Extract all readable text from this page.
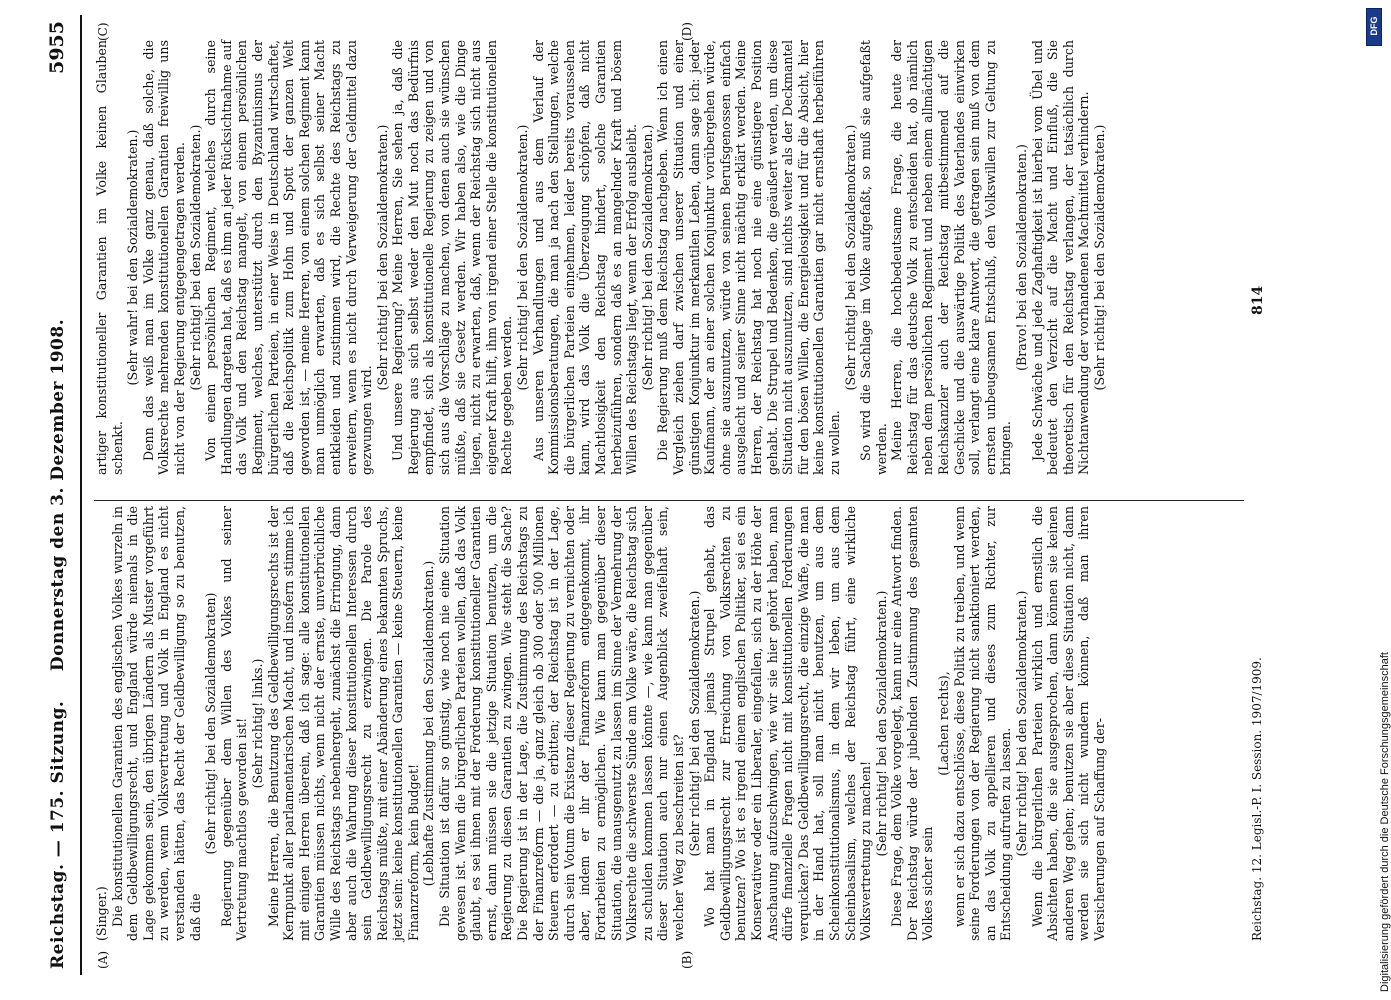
Reichstag. — 175. Sitzung.
Donnerstag den 3. Dezember 1908.
5955
(A)	(B)
(C)	(D)

(Singer.) Die konstitutionellen Garantien des englischen Volkes wurzeln in dem Geldbewilligungsrecht, und England würde niemals in die Lage gekommen sein, den übrigen Ländern als Muster vorgeführt zu werden, wenn Volksvertretung und Volk in England es nicht verstanden hätten, das Recht der Geldbewilligung so zu benutzen, daß die

(Sehr richtig! bei den Sozialdemokraten) Regierung gegenüber dem Willen des Volkes und seiner Vertretung machtlos geworden ist! (Sehr richtig! links.) Meine Herren, die Benutzung des Geldbewilligungsrechts ist der Kernpunkt aller parlamentarischen Macht, und insofern stimme ich mit einigen Herren überein, daß ich sage: alle konstitutionellen Garantien müssen nichts, wenn nicht der ernste, unverbrüchliche Wille des Reichstags nebenhergeht, zunächst die Erringung, dann aber auch die Wahrung dieser konstitutionellen Interessen durch sein Geldbewilligungsrecht zu erzwingen. Die Parole des Reichstags müßte, mit einer Abänderung eines bekannten Spruchs, jetzt sein: keine konstitutionellen Garantien — keine Steuern, keine Finanzreform, kein Budget! (Lebhafte Zustimmung bei den Sozialdemokraten.) Die Situation ist dafür so günstig, wie noch nie eine Situation gewesen ist. Wenn die bürgerlichen Parteien wollen, daß das Volk glaubt, es sei ihnen mit der Forderung konstitutioneller Garantien ernst, dann müssen sie die jetzige Situation benutzen, um die Regierung zu diesen Garantien zu zwingen. Wie steht die Sache? Die Regierung ist in der Lage, die Zustimmung des Reichstags zu der Finanzreform — die ja, ganz gleich ob 300 oder 500 Millionen Steuern erfordert — zu erbitten; der Reichstag ist in der Lage, durch sein Votum die Existenz dieser Regierung zu vernichten oder aber, indem er ihr der Finanzreform entgegenkommt, ihr Fortarbeiten zu ermöglichen. Wie kann man gegenüber dieser Situation, die unausgenutzt zu lassen im Sinne der Vermehrung der Volksrechte die schwerste Sünde am Volke wäre, die Reichstag sich zu schulden kommen lassen könnte —, wie kann man gegenüber dieser Situation auch nur einen Augenblick zweifelhaft sein, welcher Weg zu beschreiten ist? (Sehr richtig! bei den Sozialdemokraten.) Wo hat man in England jemals Strupel gehabt, das Geldbewilligungsrecht zur Erreichung von Volksrechten zu benutzen? Wo ist es irgend einem englischen Politiker, sei es ein Konservativer oder ein Liberaler, eingefallen, sich zu der Höhe der Anschauung aufzuschwingen, wie wir sie hier gehört haben, man dürfe finanzielle Fragen nicht mit konstitutionellen Forderungen verquicken? Das Geldbewilligungsrecht, die einzige Waffe, die man in der Hand hat, soll man nicht benutzen, um aus dem Scheinkonstitutionalismus, in dem wir leben, um aus dem Scheinbasalism, welches der Reichstag führt, eine wirkliche Volksvertretung zu machen! (Sehr richtig! bei den Sozialdemokraten.) Diese Frage, dem Volke vorgelegt, kann nur eine Antwort finden. Der Reichstag würde der jubelnden Zustimmung des gesamten Volkes sicher sein

(Lachen rechts), wenn er sich dazu entschlösse, diese Politik zu treiben, und wenn seine Forderungen von der Regierung nicht sanktioniert werden, an das Volk zu appellieren und dieses zum Richter, zur Entscheidung aufrufen zu lassen. (Sehr richtig! bei den Sozialdemokraten.) Wenn die bürgerlichen Parteien wirklich und ernstlich die Absichten haben, die sie ausgesprochen, dann können sie keinen anderen Weg gehen; benutzen sie aber diese Situation nicht, dann werden sie sich nicht wundern können, daß man ihren Versicherungen auf Schaffung der-

artiger konstitutioneller Garantien im Volke keinen Glauben schenkt.

(Sehr wahr! bei den Sozialdemokraten.) Denn das weiß man im Volke ganz genau, daß solche, die Volksrechte mehrenden konstitutionellen Garantien freiwillig uns nicht von der Regierung entgegengetragen werden. (Sehr richtig! bei den Sozialdemokraten.) Von einem persönlichen Regiment, welches durch seine Handlungen dargetan hat, daß es ihm an jeder Rücksichtnahme auf das Volk und den Reichstag mangelt, von einem persönlichen Regiment, welches, unterstützt durch den Byzantinismus der bürgerlichen Parteien, in einer Weise in Deutschland wirtschaftet, daß die Reichspolitik zum Hohn und Spott der ganzen Welt geworden ist, — meine Herren, von einem solchen Regiment kann man unmöglich erwarten, daß es sich selbst seiner Macht entkleiden und zustimmen wird, die Rechte des Reichstags zu erweitern, wenn es nicht durch Verweigerung der Geldmittel dazu gezwungen wird.

(Sehr richtig! bei den Sozialdemokraten.) Und unsere Regierung? Meine Herren, Sie sehen ja, daß die Regierung aus sich selbst weder den Mut noch das Bedürfnis empfindet, sich als konstitutionelle Regierung zu zeigen und von sich aus die Vorschläge zu machen, von denen auch sie wünschen müßte, daß sie Gesetz werden. Wir haben also, wie die Dinge liegen, nicht zu erwarten, daß, wenn der Reichstag sich nicht aus eigener Kraft hilft, ihm von irgend einer Stelle die konstitutionellen Rechte gegeben werden.

(Sehr richtig! bei den Sozialdemokraten.) Aus unseren Verhandlungen und aus dem Verlauf der Kommissionsberatungen, die man ja nach den Stellungen, welche die bürgerlichen Parteien einnehmen, leider bereits voraussehen kann, wird das Volk die Überzeugung schöpfen, daß nicht Machtlosigkeit den Reichstag hindert, solche Garantien herbeizuführen, sondern daß es an mangelnder Kraft und bösem Willen des Reichstags liegt, wenn der Erfolg ausbleibt. (Sehr richtig! bei den Sozialdemokraten.) Die Regierung muß dem Reichstag nachgeben. Wenn ich einen Vergleich ziehen darf zwischen unserer Situation und einer günstigen Konjunktur im merkantilen Leben, dann sage ich: jeder Kaufmann, der an einer solchen Konjunktur vorübergehen würde, ohne sie auszunutzen, würde von seinen Berufsgenossen einfach ausgelacht und seiner Sinne nicht mächtig erklärt werden. Meine Herren, der Reichstag hat noch nie eine günstigere Position gehabt. Die Strupel und Bedenken, die geäußert werden, um diese Situation nicht auszunutzen, sind nichts weiter als der Deckmantel für den bösen Willen, die Energielosigkeit und für die Absicht, hier keine konstitutionellen Garantien gar nicht ernsthaft herbeiführen zu wollen.

(Sehr richtig! bei den Sozialdemokraten.) So wird die Sachlage im Volke aufgefaßt, so muß sie aufgefaßt werden. Meine Herren, die hochbedeutsame Frage, die heute der Reichstag für das deutsche Volk zu entscheiden hat, ob nämlich neben dem persönlichen Regiment und neben einem allmächtigen Reichskanzler auch der Reichstag mitbestimmend auf die Geschicke und die auswärtige Politik des Vaterlandes einwirken soll, verlangt eine klare Antwort, die getragen sein muß von dem ernsten unbeugsamen Entschluß, den Volkswillen zur Geltung zu bringen.

(Bravo! bei den Sozialdemokraten.) Jede Schwäche und jede Zaghaftigkeit ist hierbei vom Übel und bedeutet den Verzicht auf die Macht und Einfluß, die Sie theoretisch für den Reichstag verlangen, der tatsächlich durch Nichtanwendung der vorhandenen Machtmittel verhindern. (Sehr richtig! bei den Sozialdemokraten.)

Reichstag. 12. Legisl.-P. I. Session. 1907/1909.
814
DFG
Digitalisierung gefördert durch die Deutsche Forschungsgemeinschaft
